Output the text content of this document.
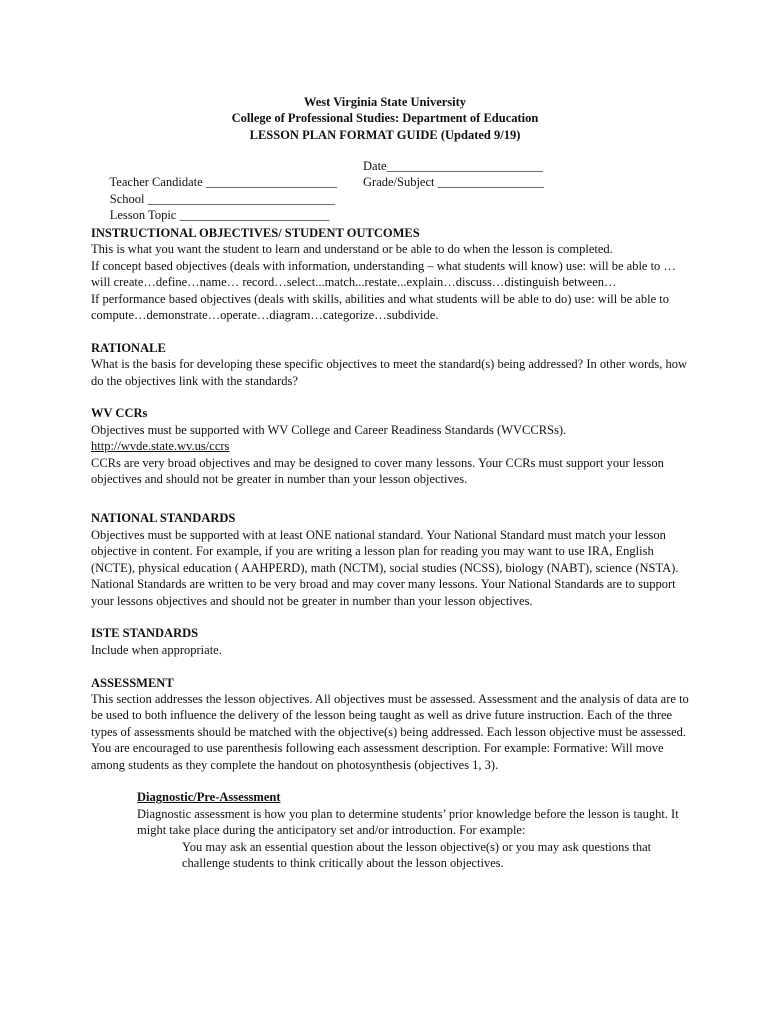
West Virginia State University
College of Professional Studies: Department of Education
LESSON PLAN FORMAT GUIDE (Updated 9/19)

Teacher Candidate _____________________

Date_________________________

School ______________________________

Grade/Subject _________________

Lesson Topic ________________________

INSTRUCTIONAL OBJECTIVES/ STUDENT OUTCOMES

This is what you want the student to learn and understand or be able to do when the lesson is completed.

If concept based objectives (deals with information, understanding – what students will know) use: will be able to … will create…define…name… record…select...match...restate...explain…discuss…distinguish between…

If performance based objectives (deals with skills, abilities and what students will be able to do) use: will be able to compute…demonstrate…operate…diagram…categorize…subdivide.

RATIONALE

What is the basis for developing these specific objectives to meet the standard(s) being addressed? In other words, how do the objectives link with the standards?

WV CCRs

Objectives must be supported with WV College and Career Readiness Standards (WVCCRSs).

http://wvde.state.wv.us/ccrs

CCRs are very broad objectives and may be designed to cover many lessons. Your CCRs must support your lesson objectives and should not be greater in number than your lesson objectives.

NATIONAL STANDARDS

Objectives must be supported with at least ONE national standard. Your National Standard must match your lesson objective in content. For example, if you are writing a lesson plan for reading you may want to use IRA, English (NCTE), physical education ( AAHPERD), math (NCTM), social studies (NCSS), biology (NABT), science (NSTA).

National Standards are written to be very broad and may cover many lessons. Your National Standards are to support your lessons objectives and should not be greater in number than your lesson objectives.

ISTE STANDARDS

Include when appropriate.

ASSESSMENT

This section addresses the lesson objectives. All objectives must be assessed. Assessment and the analysis of data are to be used to both influence the delivery of the lesson being taught as well as drive future instruction. Each of the three types of assessments should be matched with the objective(s) being addressed. Each lesson objective must be assessed. You are encouraged to use parenthesis following each assessment description. For example: Formative: Will move among students as they complete the handout on photosynthesis (objectives 1, 3).

Diagnostic/Pre-Assessment

Diagnostic assessment is how you plan to determine students’ prior knowledge before the lesson is taught. It might take place during the anticipatory set and/or introduction. For example:

You may ask an essential question about the lesson objective(s) or you may ask questions that challenge students to think critically about the lesson objectives.
